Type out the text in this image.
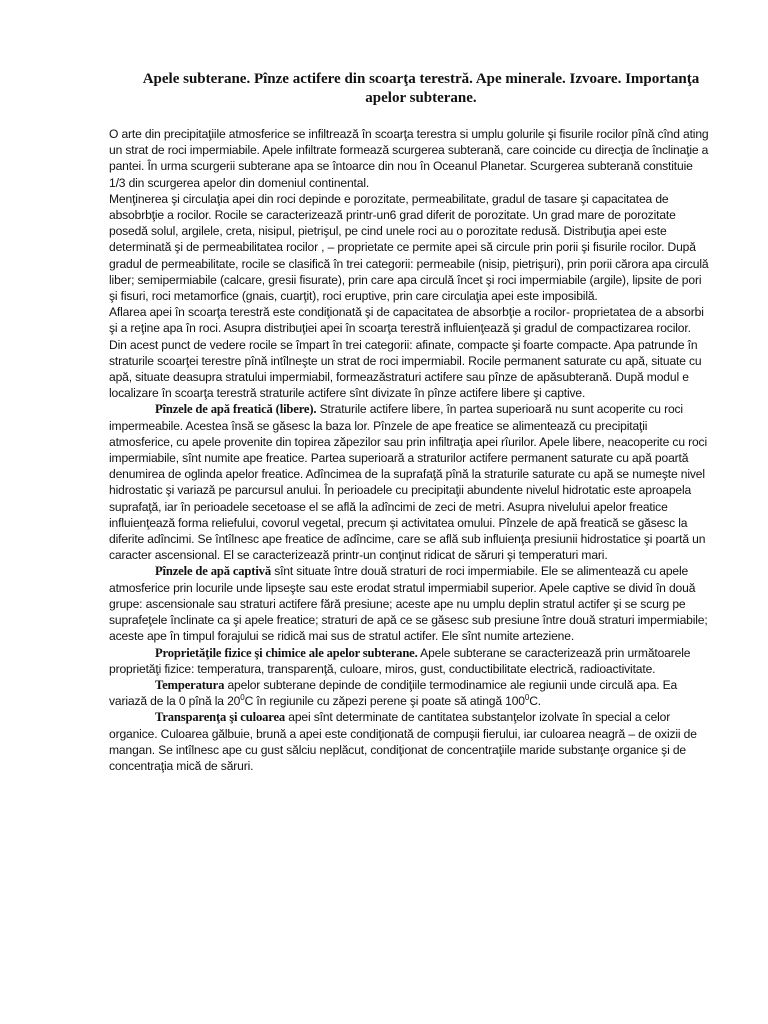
Apele subterane. Pînze actifere din scoarţa terestră. Ape minerale. Izvoare. Importanţa apelor subterane.

O arte din precipitaţiile atmosferice se infiltrează în scoarţa terestra si umplu golurile şi fisurile rocilor pînă cînd ating un strat de roci impermiabile. Apele infiltrate formează scurgerea subterană, care coincide cu direcţia de înclinaţie a pantei. În urma scurgerii subterane apa se întoarce din nou în Oceanul Planetar. Scurgerea subterană constituie 1/3 din scurgerea apelor din domeniul continental.

Menţinerea şi circulaţia apei din roci depinde e porozitate, permeabilitate, gradul de tasare şi capacitatea de absobrbţie a rocilor. Rocile se caracterizează printr-un6 grad diferit de porozitate. Un grad mare de porozitate posedă solul, argilele, creta, nisipul, pietrişul, pe cind unele roci au o porozitate redusă. Distribuţia apei este determinată şi de permeabilitatea rocilor , – proprietate ce permite apei să circule prin porii şi fisurile rocilor. După gradul de permeabilitate, rocile se clasifică în trei categorii: permeabile (nisip, pietrişuri), prin porii cărora apa circulă liber; semipermiabile (calcare, gresii fisurate), prin care apa circulă încet şi roci impermiabile (argile), lipsite de pori şi fisuri, roci metamorfice (gnais, cuarţit), roci eruptive, prin care circulaţia apei este imposibilă.

Aflarea apei în scoarţa terestră este condiţionată şi de capacitatea de absorbţie a rocilor- proprietatea de a absorbi şi a reţine apa în roci. Asupra distribuţiei apei în scoarţa terestră influienţează şi gradul de compactizarea rocilor. Din acest punct de vedere rocile se împart în trei categorii: afinate, compacte şi foarte compacte. Apa patrunde în straturile scoarţei terestre pînă intîlneşte un strat de roci impermiabil. Rocile permanent saturate cu apă, situate cu apă, situate deasupra stratului impermiabil, formeazăstraturi actifere sau pînze de apăsubterană. După modul e localizare în scoarţa terestră straturile actifere sînt divizate în pînze actifere libere şi captive.

Pînzele de apă freatică (libere). Straturile actifere libere, în partea superioară nu sunt acoperite cu roci impermeabile. Acestea însă se găsesc la baza lor. Pînzele de ape freatice se alimentează cu precipitaţii atmosferice, cu apele provenite din topirea zăpezilor sau prin infiltraţia apei rîurilor. Apele libere, neacoperite cu roci impermiabile, sînt numite ape freatice. Partea superioară a straturilor actifere permanent saturate cu apă poartă denumirea de oglinda apelor freatice. Adîncimea de la suprafaţă pînă la straturile saturate cu apă se numeşte nivel hidrostatic şi variază pe parcursul anului. În perioadele cu precipitaţii abundente nivelul hidrotatic este aproapela suprafaţă, iar în perioadele secetoase el se află la adîncimi de zeci de metri. Asupra nivelului apelor freatice influienţează forma reliefului, covorul vegetal, precum şi activitatea omului. Pînzele de apă freatică se găsesc la diferite adîncimi. Se întîlnesc ape freatice de adîncime, care se află sub influienţa presiunii hidrostatice şi poartă un caracter ascensional. El se caracterizează printr-un conţinut ridicat de săruri şi temperaturi mari.

Pînzele de apă captivă sînt situate între două straturi de roci impermiabile. Ele se alimentează cu apele atmosferice prin locurile unde lipseşte sau este erodat stratul impermiabil superior. Apele captive se divid în două grupe: ascensionale sau straturi actifere fără presiune; aceste ape nu umplu deplin stratul actifer şi se scurg pe suprafeţele înclinate ca şi apele freatice; straturi de apă ce se găsesc sub presiune între două straturi impermiabile; aceste ape în timpul forajului se ridică mai sus de stratul actifer. Ele sînt numite arteziene.

Proprietăţile fizice şi chimice ale apelor subterane. Apele subterane se caracterizează prin următoarele proprietăţi fizice: temperatura, transparenţă, culoare, miros, gust, conductibilitate electrică, radioactivitate.

Temperatura apelor subterane depinde de condiţiile termodinamice ale regiunii unde circulă apa. Ea variază de la 0 pînă la $20^0C$ în regiunile cu zăpezi perene şi poate să atingă $100^0C$.

Transparenţa şi culoarea apei sînt determinate de cantitatea substanţelor izolvate în special a celor organice. Culoarea gălbuie, brună a apei este condiţionată de compuşii fierului, iar culoarea neagră – de oxizii de mangan. Se intîlnesc ape cu gust sălciu neplăcut, condiţionat de concentraţiile maride substanţe organice şi de concentraţia mică de săruri.
